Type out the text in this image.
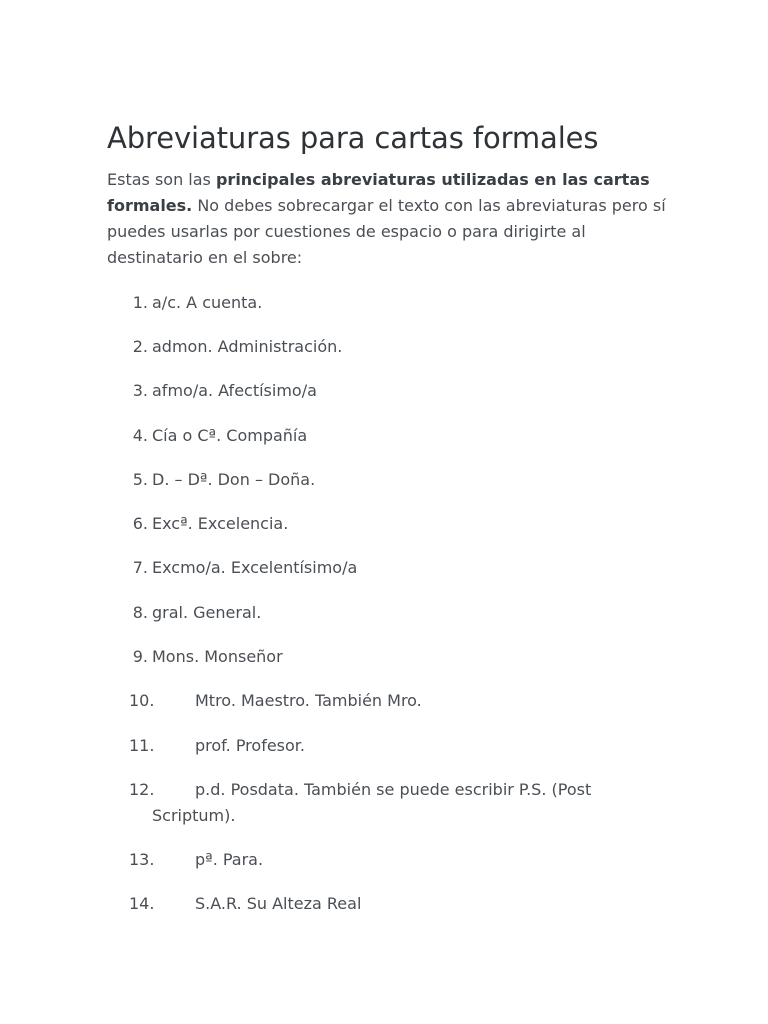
Abreviaturas para cartas formales

Estas son las principales abreviaturas utilizadas en las cartas formales. No debes sobrecargar el texto con las abreviaturas pero sí puedes usarlas por cuestiones de espacio o para dirigirte al destinatario en el sobre:

1. a/c. A cuenta.
2. admon. Administración.
3. afmo/a. Afectísimo/a
4. Cía o Cª. Compañía
5. D. – Dª. Don – Doña.
6. Excª. Excelencia.
7. Excmo/a. Excelentísimo/a
8. gral. General.
9. Mons. Monseñor
10.	Mtro. Maestro. También Mro.
11.	prof. Profesor.
12.	p.d. Posdata. También se puede escribir P.S. (Post
Scriptum).
13.	pª. Para.
14.	S.A.R. Su Alteza Real
